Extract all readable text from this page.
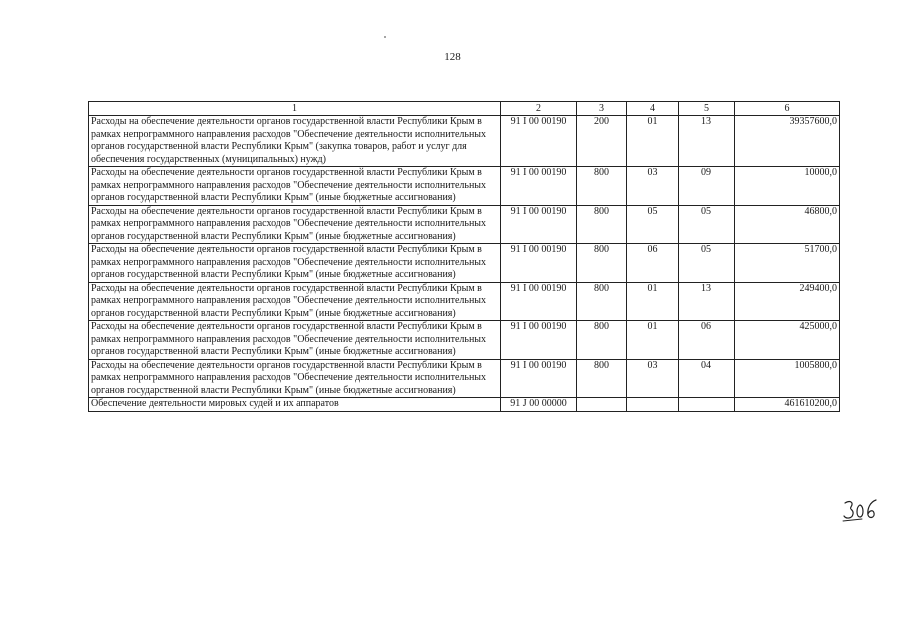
128
1	2	3	4	5	6
Расходы на обеспечение деятельности органов государственной власти Республики Крым в рамках непрограммного направления расходов "Обеспечение деятельности исполнительных органов государственной власти Республики Крым" (закупка товаров, работ и услуг для обеспечения государственных (муниципальных) нужд)	91 I 00 00190	200	01	13	39357600,0
Расходы на обеспечение деятельности органов государственной власти Республики Крым в рамках непрограммного направления расходов "Обеспечение деятельности исполнительных органов государственной власти Республики Крым" (иные бюджетные ассигнования)	91 I 00 00190	800	03	09	10000,0
Расходы на обеспечение деятельности органов государственной власти Республики Крым в рамках непрограммного направления расходов "Обеспечение деятельности исполнительных органов государственной власти Республики Крым" (иные бюджетные ассигнования)	91 I 00 00190	800	05	05	46800,0
Расходы на обеспечение деятельности органов государственной власти Республики Крым в рамках непрограммного направления расходов "Обеспечение деятельности исполнительных органов государственной власти Республики Крым" (иные бюджетные ассигнования)	91 I 00 00190	800	06	05	51700,0
Расходы на обеспечение деятельности органов государственной власти Республики Крым в рамках непрограммного направления расходов "Обеспечение деятельности исполнительных органов государственной власти Республики Крым" (иные бюджетные ассигнования)	91 I 00 00190	800	01	13	249400,0
Расходы на обеспечение деятельности органов государственной власти Республики Крым в рамках непрограммного направления расходов "Обеспечение деятельности исполнительных органов государственной власти Республики Крым" (иные бюджетные ассигнования)	91 I 00 00190	800	01	06	425000,0
Расходы на обеспечение деятельности органов государственной власти Республики Крым в рамках непрограммного направления расходов "Обеспечение деятельности исполнительных органов государственной власти Республики Крым" (иные бюджетные ассигнования)	91 I 00 00190	800	03	04	1005800,0
Обеспечение деятельности мировых судей и их аппаратов	91 J 00 00000				461610200,0
